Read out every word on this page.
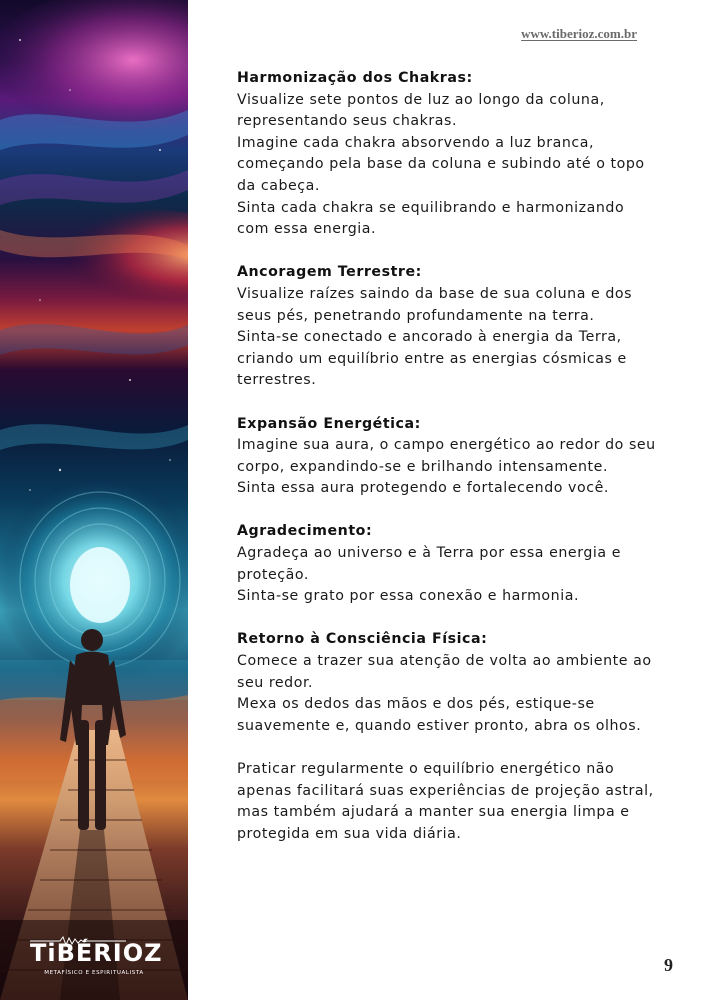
TiBÉRIOZ
METAFÍSICO E ESPIRITUALISTA
www.tiberioz.com.br
Harmonização dos Chakras:
Visualize sete pontos de luz ao longo da coluna, representando seus chakras.
Imagine cada chakra absorvendo a luz branca, começando pela base da coluna e subindo até o topo da cabeça.
Sinta cada chakra se equilibrando e harmonizando com essa energia.
Ancoragem Terrestre:
Visualize raízes saindo da base de sua coluna e dos seus pés, penetrando profundamente na terra.
Sinta-se conectado e ancorado à energia da Terra, criando um equilíbrio entre as energias cósmicas e terrestres.
Expansão Energética:
Imagine sua aura, o campo energético ao redor do seu corpo, expandindo-se e brilhando intensamente.
Sinta essa aura protegendo e fortalecendo você.
Agradecimento:
Agradeça ao universo e à Terra por essa energia e proteção.
Sinta-se grato por essa conexão e harmonia.
Retorno à Consciência Física:
Comece a trazer sua atenção de volta ao ambiente ao seu redor.
Mexa os dedos das mãos e dos pés, estique-se suavemente e, quando estiver pronto, abra os olhos.
Praticar regularmente o equilíbrio energético não apenas facilitará suas experiências de projeção astral, mas também ajudará a manter sua energia limpa e protegida em sua vida diária.
9
